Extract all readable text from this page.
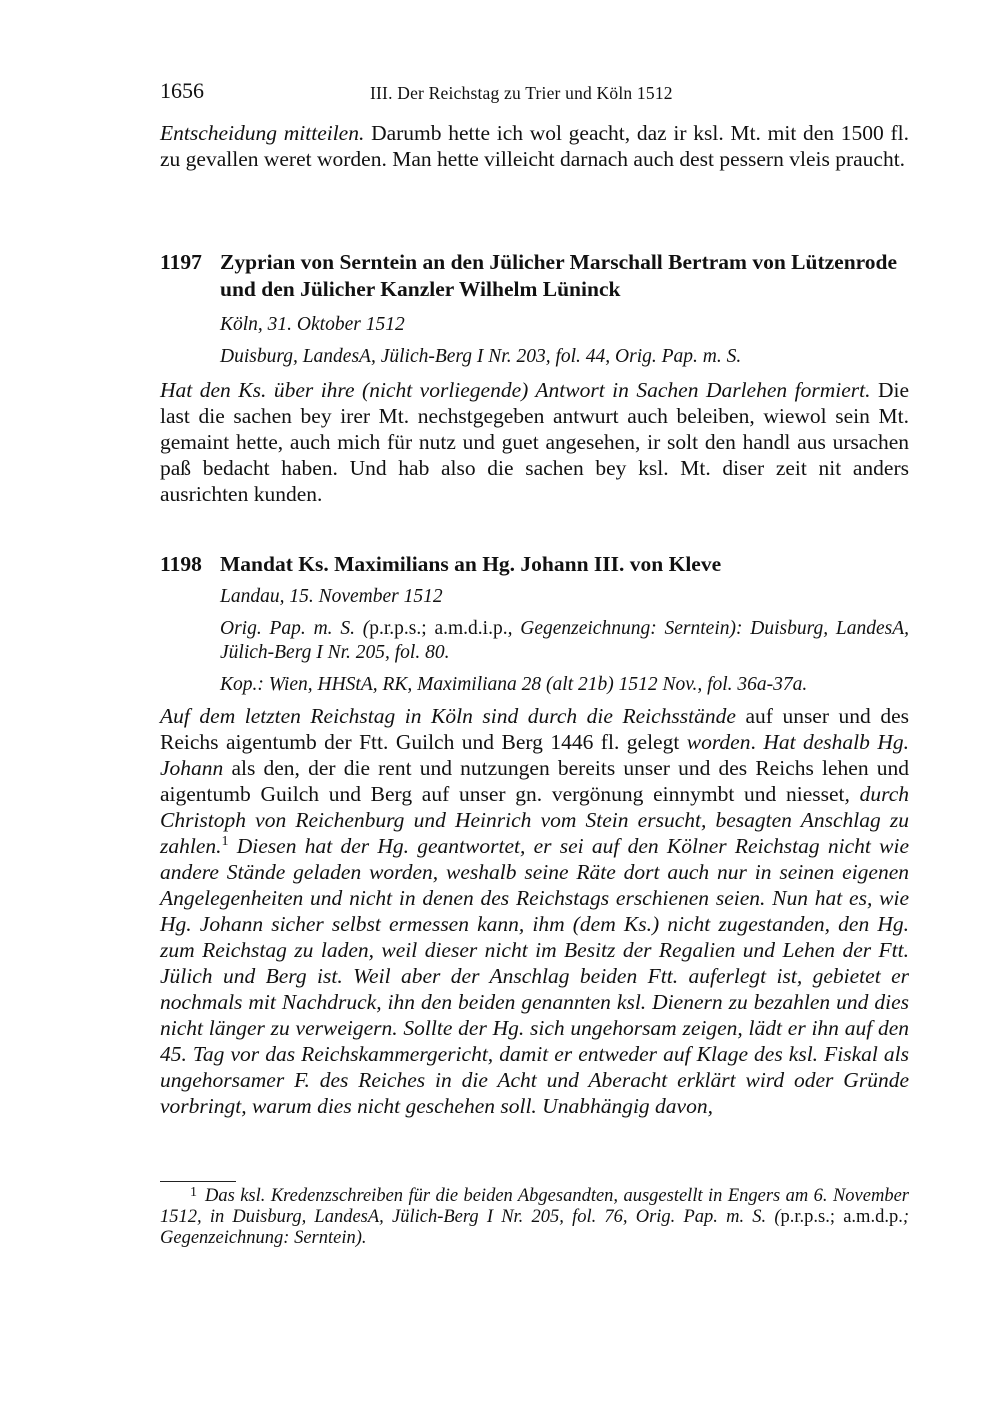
1656	III. Der Reichstag zu Trier und Köln 1512

Entscheidung mitteilen. Darumb hette ich wol geacht, daz ir ksl. Mt. mit den 1500 fl. zu gevallen weret worden. Man hette villeicht darnach auch dest pessern vleis praucht.

1197 Zyprian von Serntein an den Jülicher Marschall Bertram von Lützenrode und den Jülicher Kanzler Wilhelm Lüninck
Köln, 31. Oktober 1512
Duisburg, LandesA, Jülich-Berg I Nr. 203, fol. 44, Orig. Pap. m. S.

Hat den Ks. über ihre (nicht vorliegende) Antwort in Sachen Darlehen formiert. Die last die sachen bey irer Mt. nechstgegeben antwurt auch beleiben, wiewol sein Mt. gemaint hette, auch mich für nutz und guet angesehen, ir solt den handl aus ursachen paß bedacht haben. Und hab also die sachen bey ksl. Mt. diser zeit nit anders ausrichten kunden.

1198 Mandat Ks. Maximilians an Hg. Johann III. von Kleve
Landau, 15. November 1512
Orig. Pap. m. S. (p.r.p.s.; a.m.d.i.p., Gegenzeichnung: Serntein): Duisburg, LandesA, Jülich-Berg I Nr. 205, fol. 80.
Kop.: Wien, HHStA, RK, Maximiliana 28 (alt 21b) 1512 Nov., fol. 36a-37a.

Auf dem letzten Reichstag in Köln sind durch die Reichsstände auf unser und des Reichs aigentumb der Ftt. Guilch und Berg 1446 fl. gelegt worden. Hat deshalb Hg. Johann als den, der die rent und nutzungen bereits unser und des Reichs lehen und aigentumb Guilch und Berg auf unser gn. vergönung einnymbt und niesset, durch Christoph von Reichenburg und Heinrich vom Stein ersucht, besagten Anschlag zu zahlen.$^1$ Diesen hat der Hg. geantwortet, er sei auf den Kölner Reichstag nicht wie andere Stände geladen worden, weshalb seine Räte dort auch nur in seinen eigenen Angelegenheiten und nicht in denen des Reichstags erschienen seien. Nun hat es, wie Hg. Johann sicher selbst ermessen kann, ihm (dem Ks.) nicht zugestanden, den Hg. zum Reichstag zu laden, weil dieser nicht im Besitz der Regalien und Lehen der Ftt. Jülich und Berg ist. Weil aber der Anschlag beiden Ftt. auferlegt ist, gebietet er nochmals mit Nachdruck, ihn den beiden genannten ksl. Dienern zu bezahlen und dies nicht länger zu verweigern. Sollte der Hg. sich ungehorsam zeigen, lädt er ihn auf den 45. Tag vor das Reichskammergericht, damit er entweder auf Klage des ksl. Fiskal als ungehorsamer F. des Reiches in die Acht und Aberacht erklärt wird oder Gründe vorbringt, warum dies nicht geschehen soll. Unabhängig davon,

$^1$ Das ksl. Kredenzschreiben für die beiden Abgesandten, ausgestellt in Engers am 6. November 1512, in Duisburg, LandesA, Jülich-Berg I Nr. 205, fol. 76, Orig. Pap. m. S. (p.r.p.s.; a.m.d.p.; Gegenzeichnung: Serntein).
